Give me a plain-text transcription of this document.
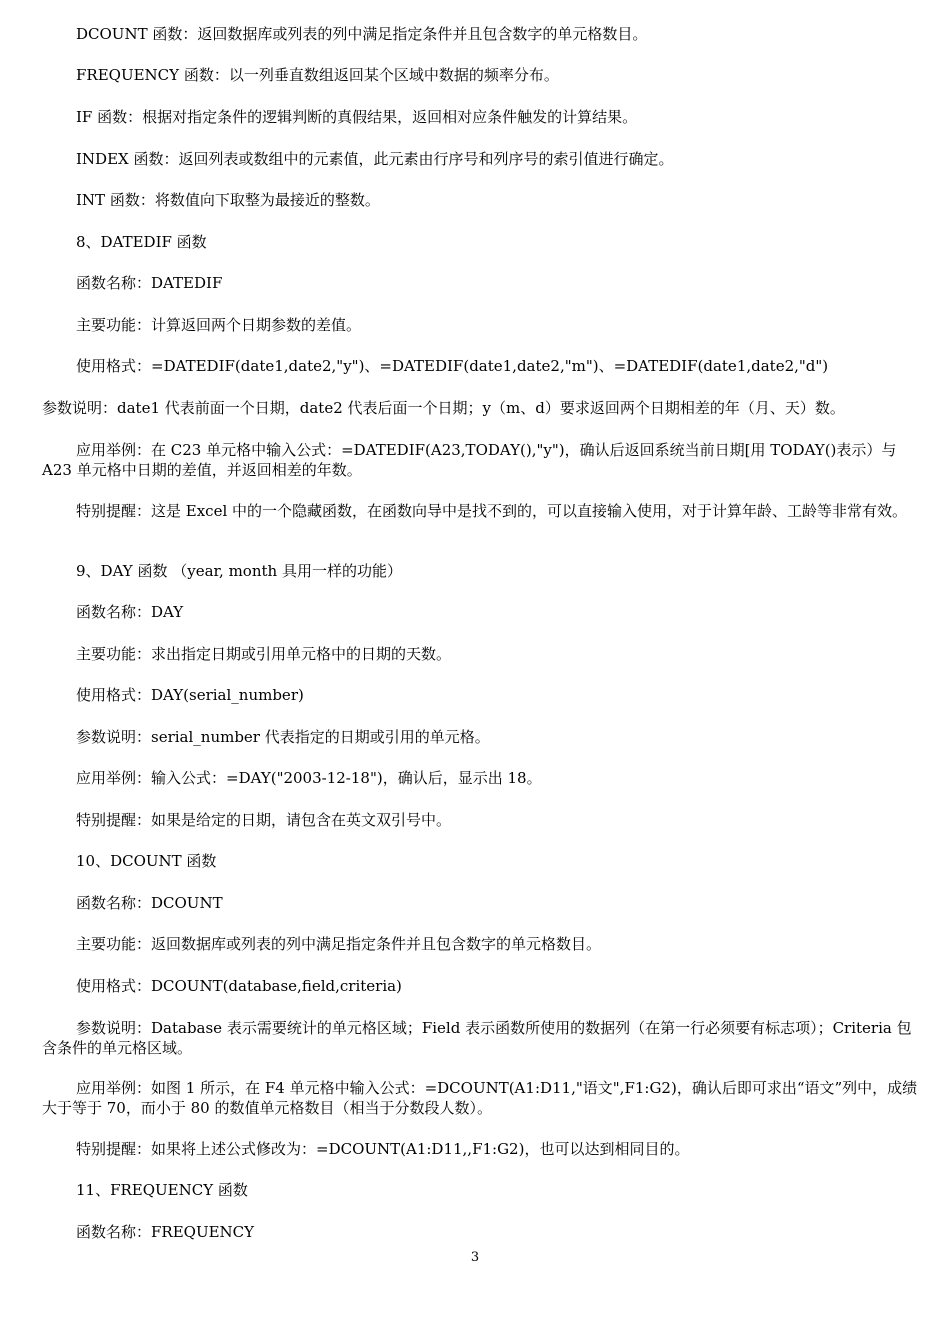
DCOUNT 函数：返回数据库或列表的列中满足指定条件并且包含数字的单元格数目。

FREQUENCY 函数：以一列垂直数组返回某个区域中数据的频率分布。

IF 函数：根据对指定条件的逻辑判断的真假结果，返回相对应条件触发的计算结果。

INDEX 函数：返回列表或数组中的元素值，此元素由行序号和列序号的索引值进行确定。

INT 函数：将数值向下取整为最接近的整数。

8、DATEDIF 函数

函数名称：DATEDIF

主要功能：计算返回两个日期参数的差值。

使用格式：=DATEDIF(date1,date2,"y")、=DATEDIF(date1,date2,"m")、=DATEDIF(date1,date2,"d")

参数说明：date1 代表前面一个日期，date2 代表后面一个日期；y（m、d）要求返回两个日期相差的年（月、天）数。

应用举例：在 C23 单元格中输入公式：=DATEDIF(A23,TODAY(),"y")，确认后返回系统当前日期[用 TODAY()表示）与 A23 单元格中日期的差值，并返回相差的年数。

特别提醒：这是 Excel 中的一个隐藏函数，在函数向导中是找不到的，可以直接输入使用，对于计算年龄、工龄等非常有效。

9、DAY 函数 （year, month 具用一样的功能）

函数名称：DAY

主要功能：求出指定日期或引用单元格中的日期的天数。

使用格式：DAY(serial_number)

参数说明：serial_number 代表指定的日期或引用的单元格。

应用举例：输入公式：=DAY("2003-12-18")，确认后，显示出 18。

特别提醒：如果是给定的日期，请包含在英文双引号中。

10、DCOUNT 函数

函数名称：DCOUNT

主要功能：返回数据库或列表的列中满足指定条件并且包含数字的单元格数目。

使用格式：DCOUNT(database,field,criteria)

参数说明：Database 表示需要统计的单元格区域；Field 表示函数所使用的数据列（在第一行必须要有标志项）；Criteria 包含条件的单元格区域。

应用举例：如图 1 所示，在 F4 单元格中输入公式：=DCOUNT(A1:D11,"语文",F1:G2)，确认后即可求出“语文”列中，成绩大于等于 70，而小于 80 的数值单元格数目（相当于分数段人数）。

特别提醒：如果将上述公式修改为：=DCOUNT(A1:D11,,F1:G2)，也可以达到相同目的。

11、FREQUENCY 函数

函数名称：FREQUENCY

3
